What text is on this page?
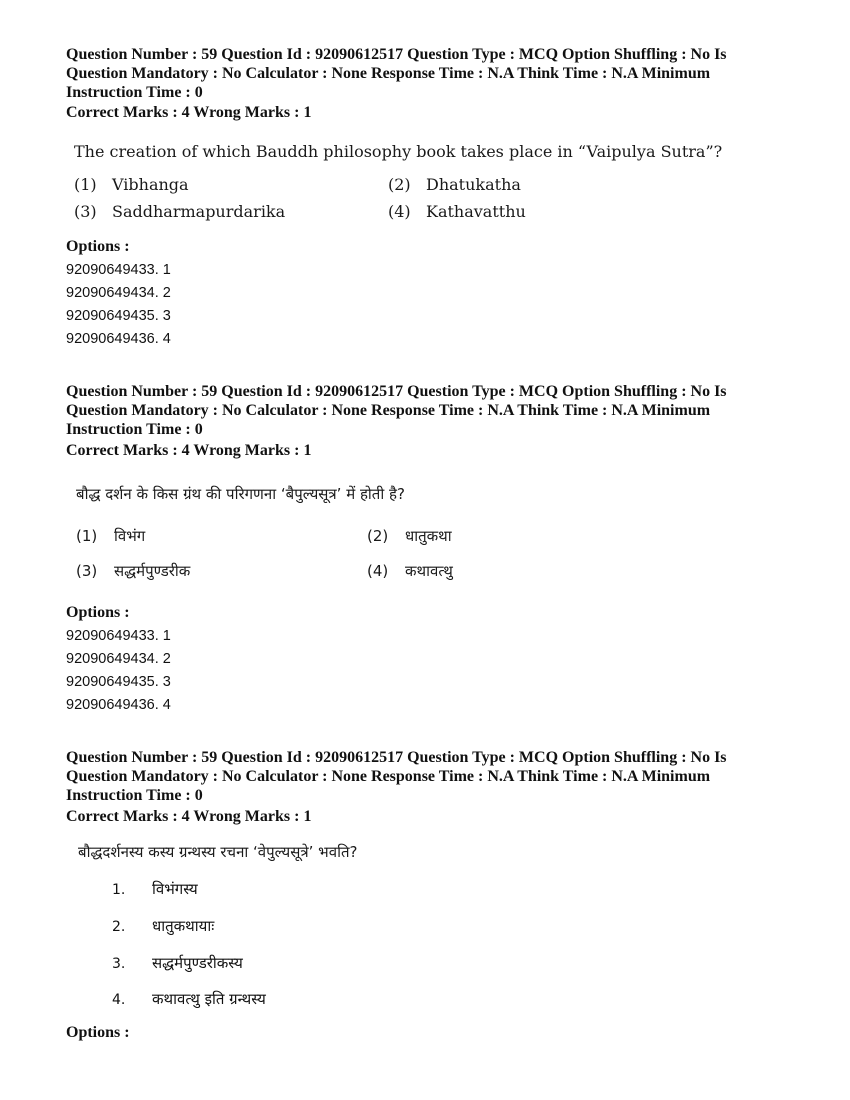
Question Number : 59 Question Id : 92090612517 Question Type : MCQ Option Shuffling : No Is
Question Mandatory : No Calculator : None Response Time : N.A Think Time : N.A Minimum
Instruction Time : 0
Correct Marks : 4 Wrong Marks : 1
The creation of which Bauddh philosophy book takes place in “Vaipulya Sutra”?
(1) Vibhanga	(2) Dhatukatha
(3) Saddharmapurdarika	(4) Kathavatthu
Options :
92090649433. 1
92090649434. 2
92090649435. 3
92090649436. 4
Question Number : 59 Question Id : 92090612517 Question Type : MCQ Option Shuffling : No Is
Question Mandatory : No Calculator : None Response Time : N.A Think Time : N.A Minimum
Instruction Time : 0
Correct Marks : 4 Wrong Marks : 1
बौद्ध दर्शन के किस ग्रंथ की परिगणना ‘बैपुल्यसूत्र’ में होती है?
(1) विभंग	(2) धातुकथा
(3) सद्धर्मपुण्डरीक	(4) कथावत्थु
Options :
92090649433. 1
92090649434. 2
92090649435. 3
92090649436. 4
Question Number : 59 Question Id : 92090612517 Question Type : MCQ Option Shuffling : No Is
Question Mandatory : No Calculator : None Response Time : N.A Think Time : N.A Minimum
Instruction Time : 0
Correct Marks : 4 Wrong Marks : 1
बौद्धदर्शनस्य कस्य ग्रन्थस्य रचना ‘वेपुल्यसूत्रे’ भवति?
1. विभंगस्य
2. धातुकथायाः
3. सद्धर्मपुण्डरीकस्य
4. कथावत्थु इति ग्रन्थस्य
Options :
